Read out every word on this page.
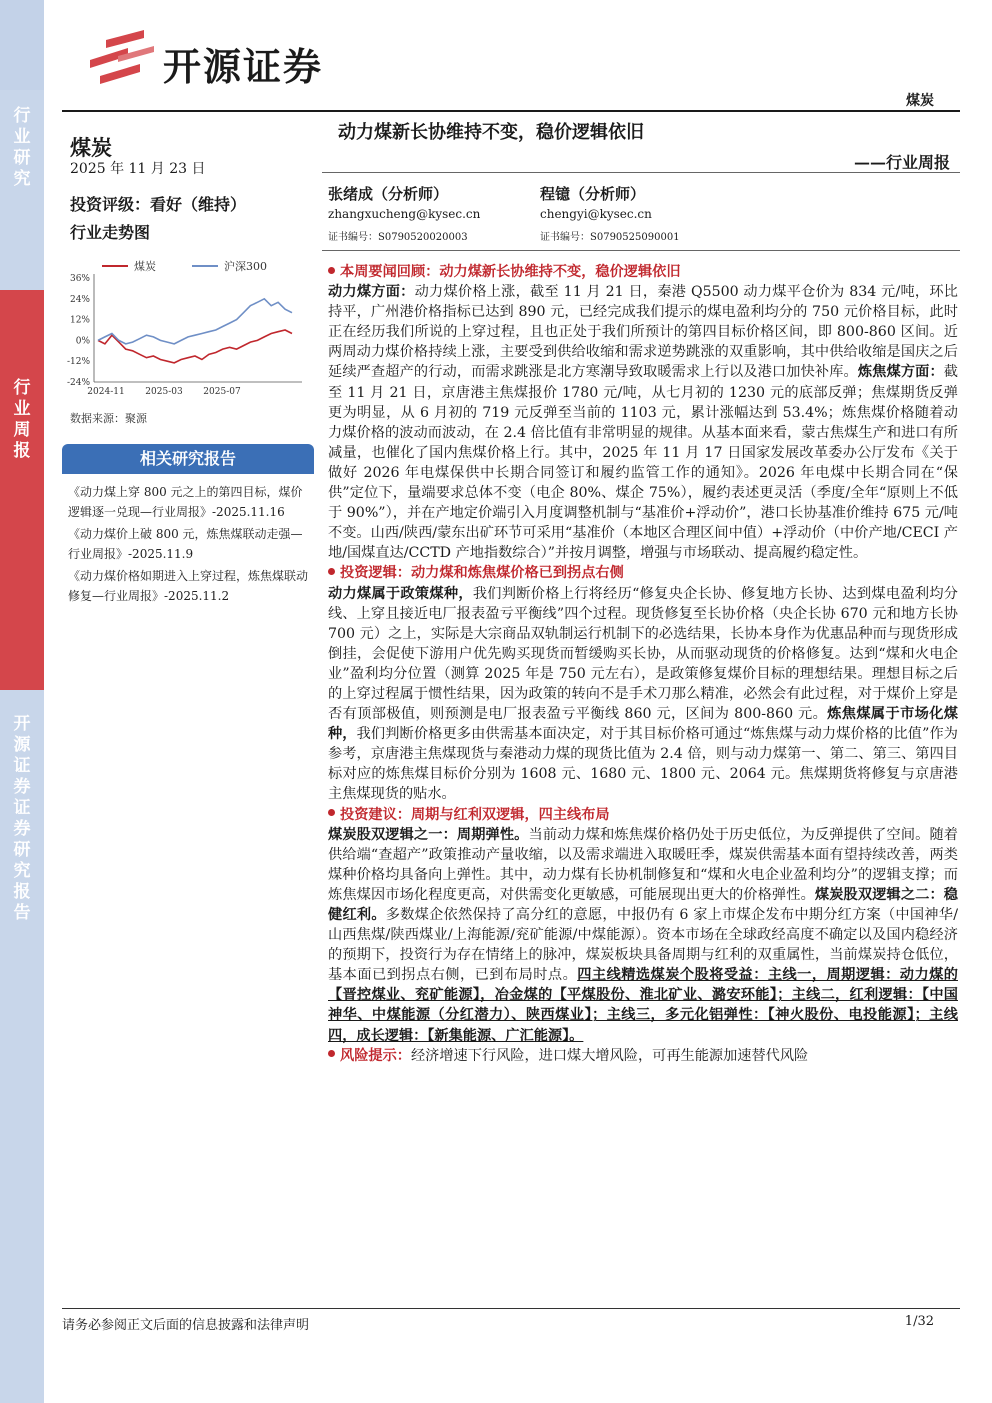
行
业
研
究
行
业
周
报
开
源
证
券
证
券
研
究
报
告
开源证券
煤炭
煤炭
2025 年 11 月 23 日
投资评级：看好（维持）
行业走势图
36%
24%
12%
0%
-12%
-24%
2024-11 2025-03 2025-07
煤炭	沪深300
数据来源：聚源
相关研究报告
《动力煤上穿 800 元之上的第四目标，煤价逻辑逐一兑现—行业周报》-2025.11.16
《动力煤价上破 800 元，炼焦煤联动走强—行业周报》-2025.11.9
《动力煤价格如期进入上穿过程，炼焦煤联动修复—行业周报》-2025.11.2
动力煤新长协维持不变，稳价逻辑依旧
——行业周报
张绪成（分析师）
zhangxucheng@kysec.cn
证书编号：S0790520020003
程镱（分析师）
chengyi@kysec.cn
证书编号：S0790525090001

本周要闻回顾：动力煤新长协维持不变，稳价逻辑依旧
动力煤方面：动力煤价格上涨，截至 11 月 21 日，秦港 Q5500 动力煤平仓价为 834 元/吨，环比持平，广州港价格指标已达到 890 元，已经完成我们提示的煤电盈利均分的 750 元价格目标，此时正在经历我们所说的上穿过程，且也正处于我们所预计的第四目标价格区间，即 800-860 区间。近两周动力煤价格持续上涨，主要受到供给收缩和需求逆势跳涨的双重影响，其中供给收缩是国庆之后延续严查超产的行动，而需求跳涨是北方寒潮导致取暖需求上行以及港口加快补库。炼焦煤方面：截至 11 月 21 日，京唐港主焦煤报价 1780 元/吨，从七月初的 1230 元的底部反弹；焦煤期货反弹更为明显，从 6 月初的 719 元反弹至当前的 1103 元，累计涨幅达到 53.4%；炼焦煤价格随着动力煤价格的波动而波动，在 2.4 倍比值有非常明显的规律。从基本面来看，蒙古焦煤生产和进口有所减量，也催化了国内焦煤价格上行。其中，2025 年 11 月 17 日国家发展改革委办公厅发布《关于做好 2026 年电煤保供中长期合同签订和履约监管工作的通知》。2026 年电煤中长期合同在“保供”定位下，量端要求总体不变（电企 80%、煤企 75%），履约表述更灵活（季度/全年“原则上不低于 90%”），并在产地定价端引入月度调整机制与“基准价+浮动价”，港口长协基准价维持 675 元/吨不变。山西/陕西/蒙东出矿环节可采用“基准价（本地区合理区间中值）+浮动价（中价产地/CECI 产地/国煤直达/CCTD 产地指数综合）”并按月调整，增强与市场联动、提高履约稳定性。

投资逻辑：动力煤和炼焦煤价格已到拐点右侧
动力煤属于政策煤种，我们判断价格上行将经历“修复央企长协、修复地方长协、达到煤电盈利均分线、上穿且接近电厂报表盈亏平衡线”四个过程。现货修复至长协价格（央企长协 670 元和地方长协 700 元）之上，实际是大宗商品双轨制运行机制下的必选结果，长协本身作为优惠品种而与现货形成倒挂，会促使下游用户优先购买现货而暂缓购买长协，从而驱动现货的价格修复。达到“煤和火电企业”盈利均分位置（测算 2025 年是 750 元左右），是政策修复煤价目标的理想结果。理想目标之后的上穿过程属于惯性结果，因为政策的转向不是手术刀那么精准，必然会有此过程，对于煤价上穿是否有顶部极值，则预测是电厂报表盈亏平衡线 860 元，区间为 800-860 元。炼焦煤属于市场化煤种，我们判断价格更多由供需基本面决定，对于其目标价格可通过“炼焦煤与动力煤价格的比值”作为参考，京唐港主焦煤现货与秦港动力煤的现货比值为 2.4 倍，则与动力煤第一、第二、第三、第四目标对应的炼焦煤目标价分别为 1608 元、1680 元、1800 元、2064 元。焦煤期货将修复与京唐港主焦煤现货的贴水。

投资建议：周期与红利双逻辑，四主线布局
煤炭股双逻辑之一：周期弹性。当前动力煤和炼焦煤价格仍处于历史低位，为反弹提供了空间。随着供给端“查超产”政策推动产量收缩，以及需求端进入取暖旺季，煤炭供需基本面有望持续改善，两类煤种价格均具备向上弹性。其中，动力煤有长协机制修复和“煤和火电企业盈利均分”的逻辑支撑；而炼焦煤因市场化程度更高，对供需变化更敏感，可能展现出更大的价格弹性。煤炭股双逻辑之二：稳健红利。多数煤企依然保持了高分红的意愿，中报仍有 6 家上市煤企发布中期分红方案（中国神华/山西焦煤/陕西煤业/上海能源/兖矿能源/中煤能源）。资本市场在全球政经高度不确定以及国内稳经济的预期下，投资行为存在情绪上的脉冲，煤炭板块具备周期与红利的双重属性，当前煤炭持仓低位，基本面已到拐点右侧，已到布局时点。四主线精选煤炭个股将受益：主线一，周期逻辑：动力煤的【晋控煤业、兖矿能源】，冶金煤的【平煤股份、淮北矿业、潞安环能】；主线二，红利逻辑：【中国神华、中煤能源（分红潜力）、陕西煤业】；主线三，多元化铝弹性：【神火股份、电投能源】；主线四，成长逻辑：【新集能源、广汇能源】。

风险提示：经济增速下行风险，进口煤大增风险，可再生能源加速替代风险

请务必参阅正文后面的信息披露和法律声明	1/32
